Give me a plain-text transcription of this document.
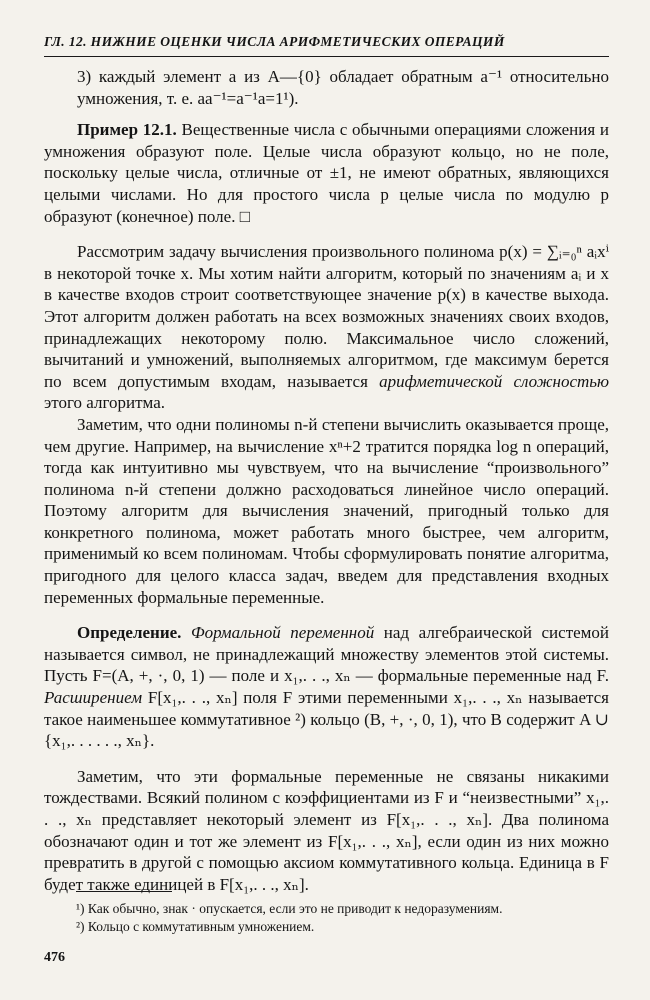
ГЛ. 12. НИЖНИЕ ОЦЕНКИ ЧИСЛА АРИФМЕТИЧЕСКИХ ОПЕРАЦИЙ

3) каждый элемент a из A—{0} обладает обратным a⁻¹ относительно умножения, т. е. aa⁻¹=a⁻¹a=1¹).

Пример 12.1. Вещественные числа с обычными операциями сложения и умножения образуют поле. Целые числа образуют кольцо, но не поле, поскольку целые числа, отличные от ±1, не имеют обратных, являющихся целыми числами. Но для простого числа p целые числа по модулю p образуют (конечное) поле. □

Рассмотрим задачу вычисления произвольного полинома p(x) = ∑ᵢ₌₀ⁿ aᵢxⁱ в некоторой точке x. Мы хотим найти алгоритм, который по значениям aᵢ и x в качестве входов строит соответствующее значение p(x) в качестве выхода. Этот алгоритм должен работать на всех возможных значениях своих входов, принадлежащих некоторому полю. Максимальное число сложений, вычитаний и умножений, выполняемых алгоритмом, где максимум берется по всем допустимым входам, называется арифметической сложностью этого алгоритма.

Заметим, что одни полиномы n-й степени вычислить оказывается проще, чем другие. Например, на вычисление xⁿ+2 тратится порядка log n операций, тогда как интуитивно мы чувствуем, что на вычисление “произвольного” полинома n-й степени должно расходоваться линейное число операций. Поэтому алгоритм для вычисления значений, пригодный только для конкретного полинома, может работать много быстрее, чем алгоритм, применимый ко всем полиномам. Чтобы сформулировать понятие алгоритма, пригодного для целого класса задач, введем для представления входных переменных формальные переменные.

Определение. Формальной переменной над алгебраической системой называется символ, не принадлежащий множеству элементов этой системы. Пусть F=(A, +, ·, 0, 1) — поле и x₁,. . ., xₙ — формальные переменные над F. Расширением F[x₁,. . ., xₙ] поля F этими переменными x₁,. . ., xₙ называется такое наименьшее коммутативное ²) кольцо (B, +, ·, 0, 1), что B содержит A ∪ {x₁,. . . . . ., xₙ}.

Заметим, что эти формальные переменные не связаны никакими тождествами. Всякий полином с коэффициентами из F и “неизвестными” x₁,. . ., xₙ представляет некоторый элемент из F[x₁,. . ., xₙ]. Два полинома обозначают один и тот же элемент из F[x₁,. . ., xₙ], если один из них можно превратить в другой с помощью аксиом коммутативного кольца. Единица в F будет также единицей в F[x₁,. . ., xₙ].

¹) Как обычно, знак · опускается, если это не приводит к недоразумениям.

²) Кольцо с коммутативным умножением.

476
